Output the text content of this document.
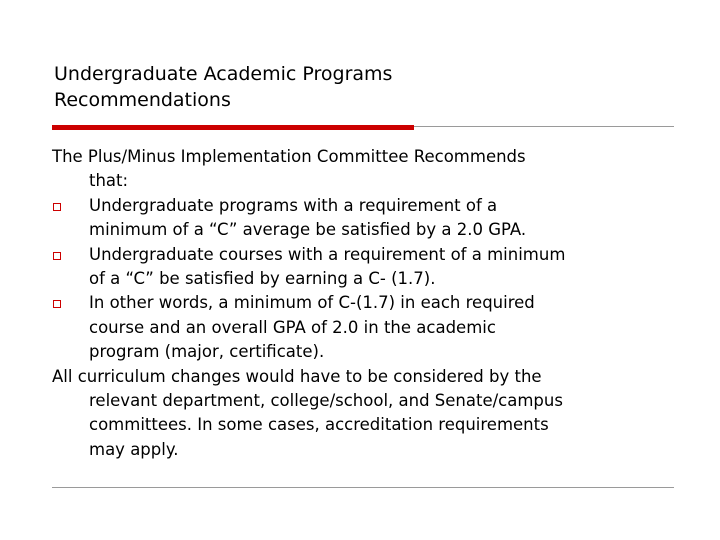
Undergraduate Academic Programs
Recommendations
The Plus/Minus Implementation Committee Recommends
that:
Undergraduate programs with a requirement of a
minimum of a “C” average be satisfied by a 2.0 GPA.
Undergraduate courses with a requirement of a minimum
of a “C” be satisfied by earning a C- (1.7).
In other words, a minimum of C-(1.7) in each required
course and an overall GPA of 2.0 in the academic
program (major, certificate).
All curriculum changes would have to be considered by the
relevant department, college/school, and Senate/campus
committees. In some cases, accreditation requirements
may apply.
